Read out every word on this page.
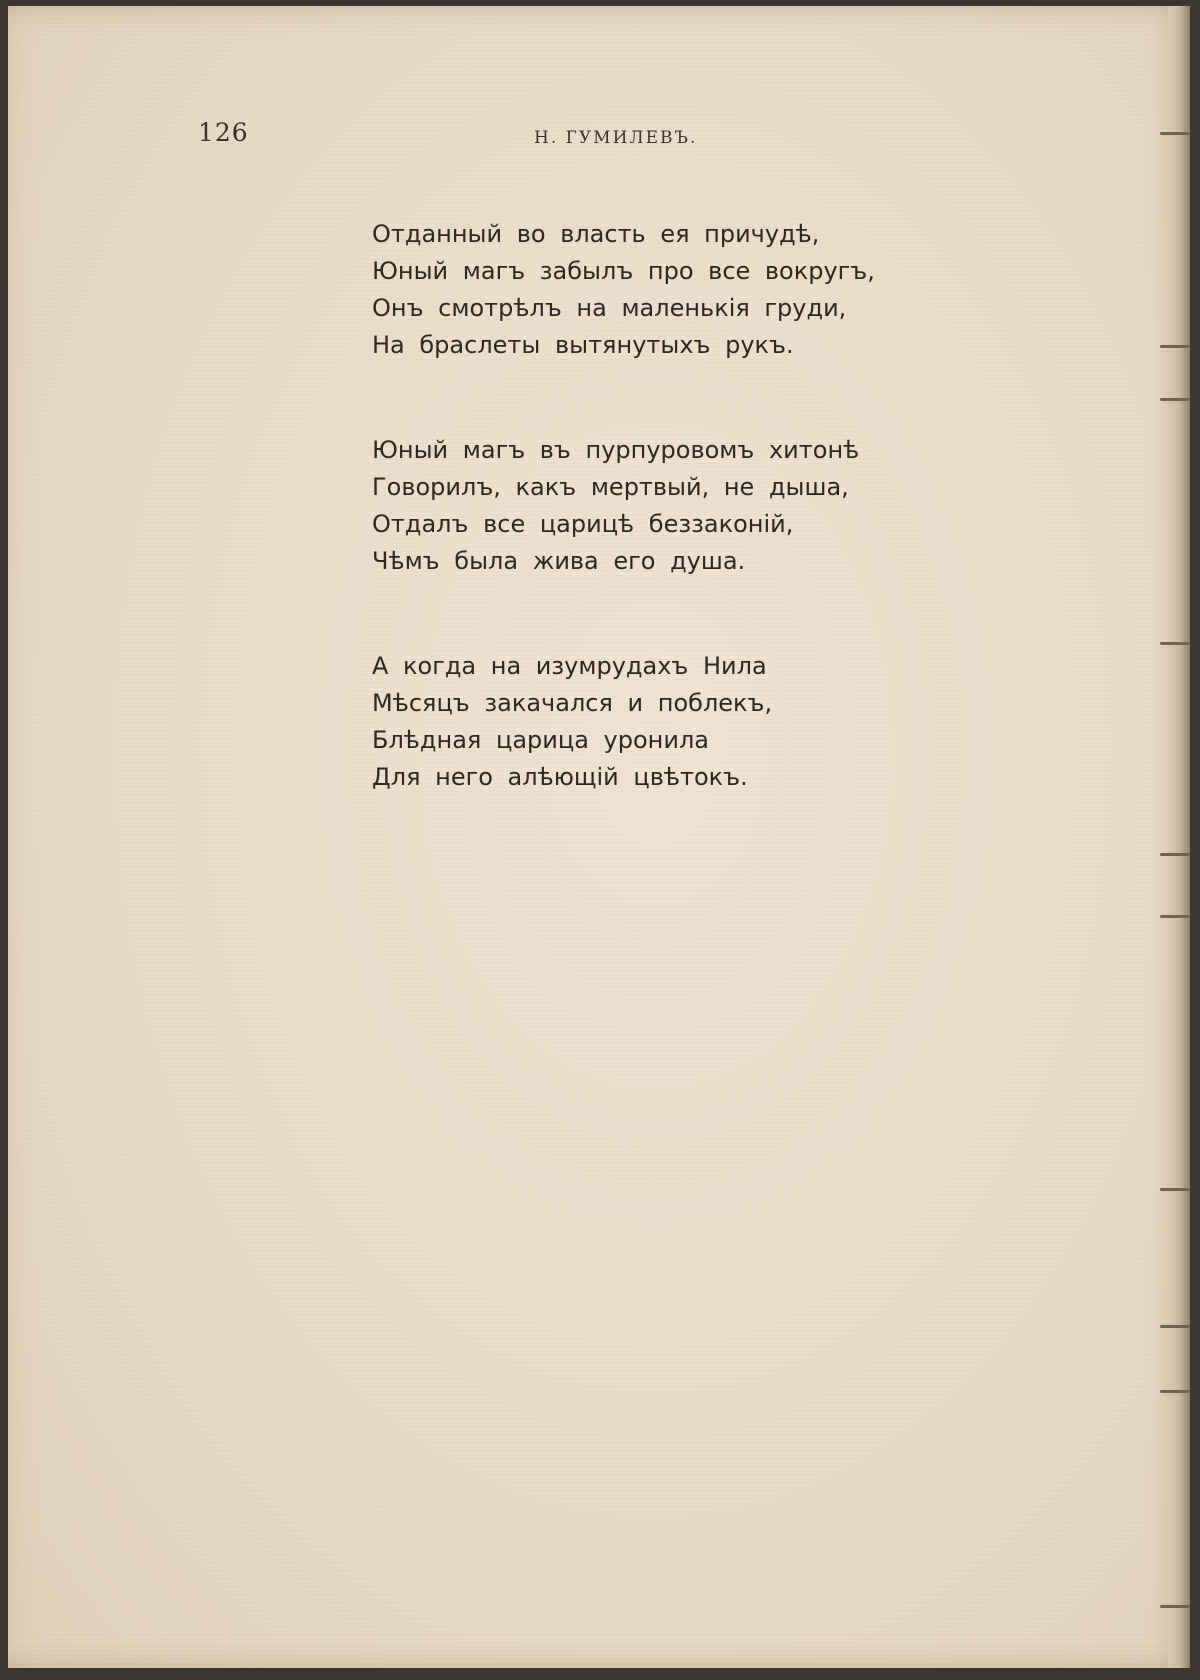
126	Н. ГУМИЛЕВЪ.
Отданный во власть ея причудѣ,
Юный магъ забылъ про все вокругъ,
Онъ смотрѣлъ на маленькія груди,
На браслеты вытянутыхъ рукъ.
Юный магъ въ пурпуровомъ хитонѣ
Говорилъ, какъ мертвый, не дыша,
Отдалъ все царицѣ беззаконій,
Чѣмъ была жива его душа.
А когда на изумрудахъ Нила
Мѣсяцъ закачался и поблекъ,
Блѣдная царица уронила
Для него алѣющій цвѣтокъ.
